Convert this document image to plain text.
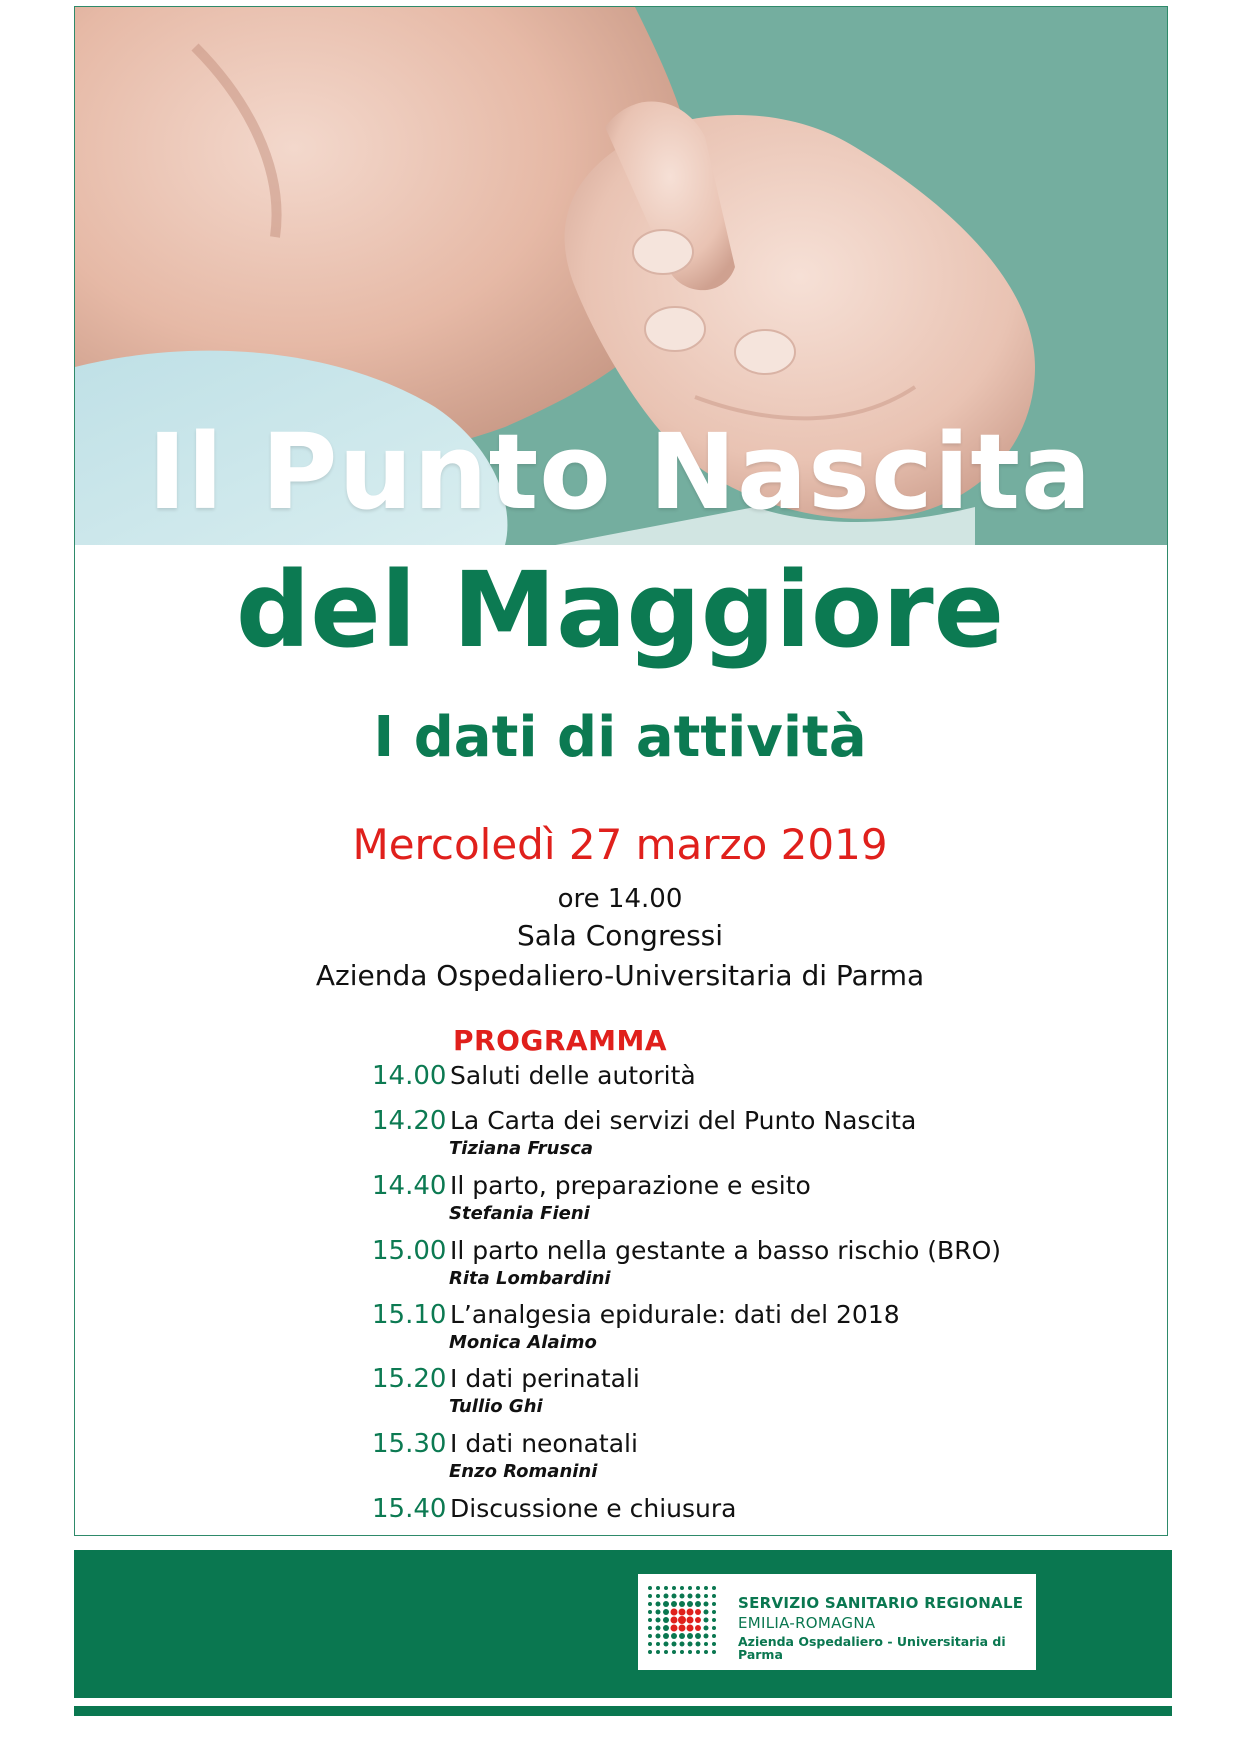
Il Punto Nascita
del Maggiore
I dati di attività
Mercoledì 27 marzo 2019
ore 14.00
Sala Congressi
Azienda Ospedaliero-Universitaria di Parma
PROGRAMMA
14.00 Saluti delle autorità
14.20 La Carta dei servizi del Punto Nascita
Tiziana Frusca
14.40 Il parto, preparazione e esito
Stefania Fieni
15.00 Il parto nella gestante a basso rischio (BRO)
Rita Lombardini
15.10 L’analgesia epidurale: dati del 2018
Monica Alaimo
15.20 I dati perinatali
Tullio Ghi
15.30 I dati neonatali
Enzo Romanini
15.40 Discussione e chiusura
SERVIZIO SANITARIO REGIONALE
EMILIA-ROMAGNA
Azienda Ospedaliero - Universitaria di Parma
